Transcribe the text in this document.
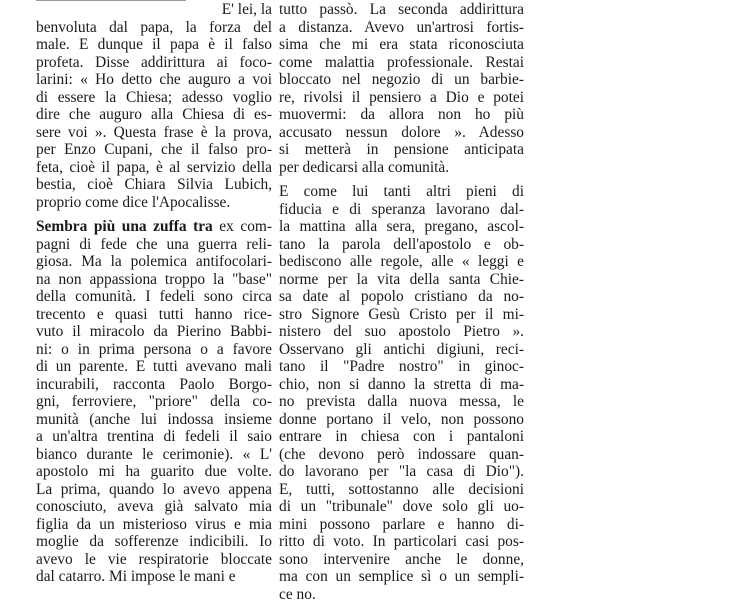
E' lei, la
benvoluta dal papa, la forza del
male. E dunque il papa è il falso
profeta. Disse addirittura ai foco-
larini: « Ho detto che auguro a voi
di essere la Chiesa; adesso voglio
dire che auguro alla Chiesa di es-
sere voi ». Questa frase è la prova,
per Enzo Cupani, che il falso pro-
feta, cioè il papa, è al servizio della
bestia, cioè Chiara Silvia Lubich,
proprio come dice l'Apocalisse.
Sembra più una zuffa tra ex com-
pagni di fede che una guerra reli-
giosa. Ma la polemica antifocolari-
na non appassiona troppo la "base"
della comunità. I fedeli sono circa
trecento e quasi tutti hanno rice-
vuto il miracolo da Pierino Babbi-
ni: o in prima persona o a favore
di un parente. E tutti avevano mali
incurabili, racconta Paolo Borgo-
gni, ferroviere, "priore" della co-
munità (anche lui indossa insieme
a un'altra trentina di fedeli il saio
bianco durante le cerimonie). « L'
apostolo mi ha guarito due volte.
La prima, quando lo avevo appena
conosciuto, aveva già salvato mia
figlia da un misterioso virus e mia
moglie da sofferenze indicibili. Io
avevo le vie respiratorie bloccate
dal catarro. Mi impose le mani e
tutto passò. La seconda addirittura
a distanza. Avevo un'artrosi fortis-
sima che mi era stata riconosciuta
come malattia professionale. Restai
bloccato nel negozio di un barbie-
re, rivolsi il pensiero a Dio e potei
muovermi: da allora non ho più
accusato nessun dolore ». Adesso
si metterà in pensione anticipata
per dedicarsi alla comunità.
E come lui tanti altri pieni di
fiducia e di speranza lavorano dal-
la mattina alla sera, pregano, ascol-
tano la parola dell'apostolo e ob-
bediscono alle regole, alle « leggi e
norme per la vita della santa Chie-
sa date al popolo cristiano da no-
stro Signore Gesù Cristo per il mi-
nistero del suo apostolo Pietro ».
Osservano gli antichi digiuni, reci-
tano il "Padre nostro" in ginoc-
chio, non si danno la stretta di ma-
no prevista dalla nuova messa, le
donne portano il velo, non possono
entrare in chiesa con i pantaloni
(che devono però indossare quan-
do lavorano per "la casa di Dio").
E, tutti, sottostanno alle decisioni
di un "tribunale" dove solo gli uo-
mini possono parlare e hanno di-
ritto di voto. In particolari casi pos-
sono intervenire anche le donne,
ma con un semplice sì o un sempli-
ce no.
